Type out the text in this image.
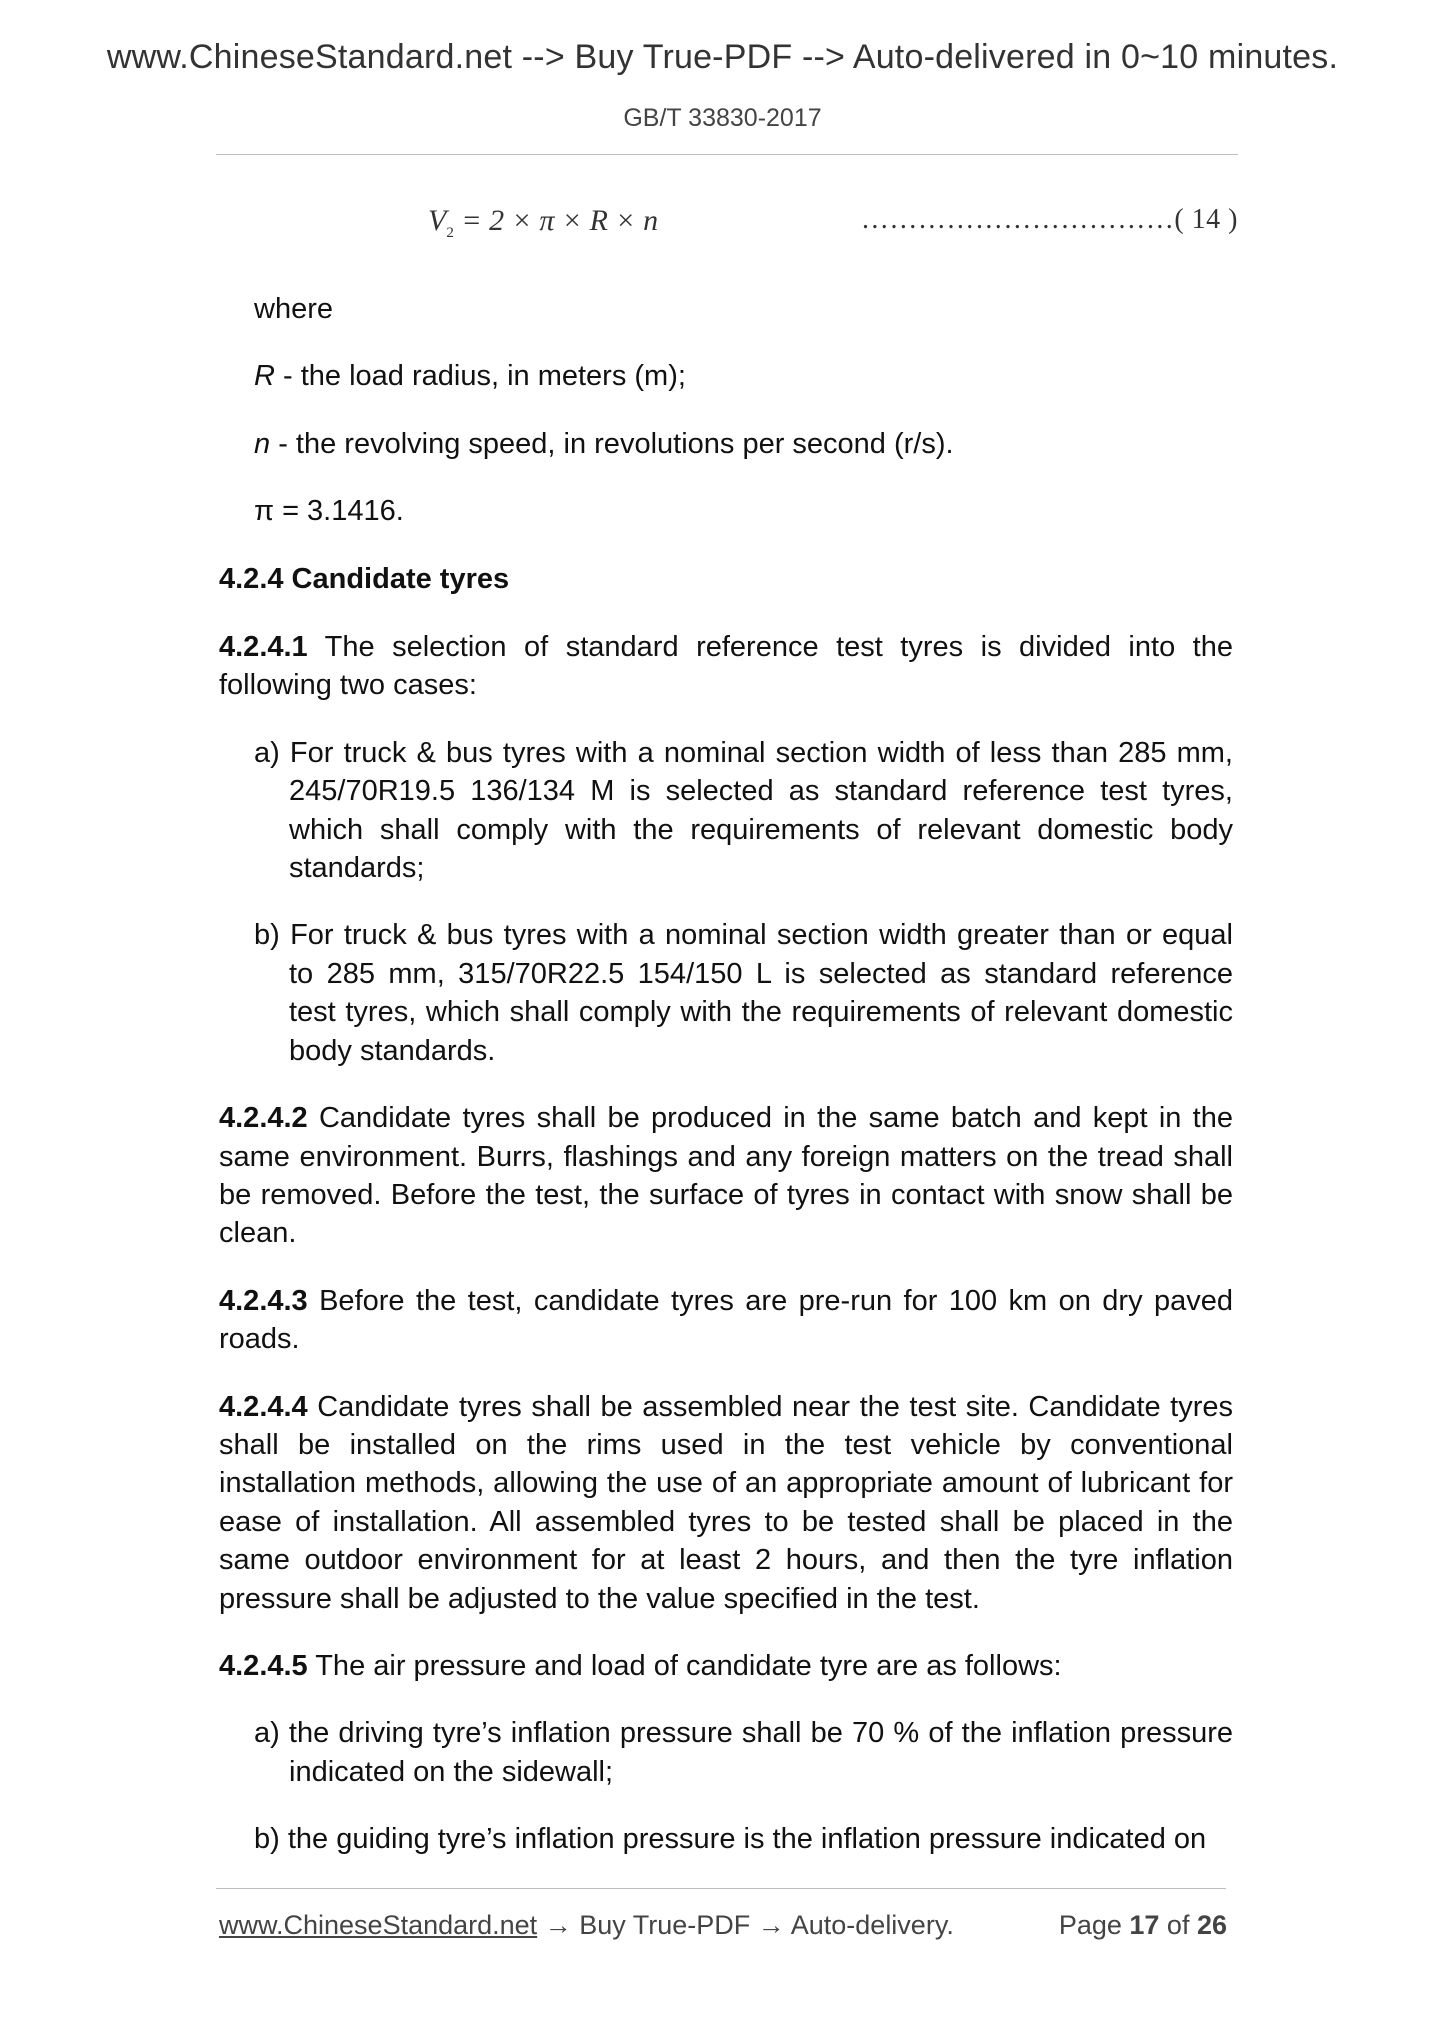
www.ChineseStandard.net --> Buy True-PDF --> Auto-delivered in 0~10 minutes.
GB/T 33830-2017
$V_2 = 2 \times \pi \times R \times n$	……………………………( 14 )

where

R - the load radius, in meters (m);

n - the revolving speed, in revolutions per second (r/s).

π = 3.1416.

4.2.4 Candidate tyres

4.2.4.1 The selection of standard reference test tyres is divided into the following two cases:

a) For truck & bus tyres with a nominal section width of less than 285 mm, 245/70R19.5 136/134 M is selected as standard reference test tyres, which shall comply with the requirements of relevant domestic body standards;

b) For truck & bus tyres with a nominal section width greater than or equal to 285 mm, 315/70R22.5 154/150 L is selected as standard reference test tyres, which shall comply with the requirements of relevant domestic body standards.

4.2.4.2 Candidate tyres shall be produced in the same batch and kept in the same environment. Burrs, flashings and any foreign matters on the tread shall be removed. Before the test, the surface of tyres in contact with snow shall be clean.

4.2.4.3 Before the test, candidate tyres are pre-run for 100 km on dry paved roads.

4.2.4.4 Candidate tyres shall be assembled near the test site. Candidate tyres shall be installed on the rims used in the test vehicle by conventional installation methods, allowing the use of an appropriate amount of lubricant for ease of installation. All assembled tyres to be tested shall be placed in the same outdoor environment for at least 2 hours, and then the tyre inflation pressure shall be adjusted to the value specified in the test.

4.2.4.5 The air pressure and load of candidate tyre are as follows:

a) the driving tyre’s inflation pressure shall be 70 % of the inflation pressure indicated on the sidewall;

b) the guiding tyre’s inflation pressure is the inflation pressure indicated on

www.ChineseStandard.net → Buy True-PDF → Auto-delivery.	Page 17 of 26
